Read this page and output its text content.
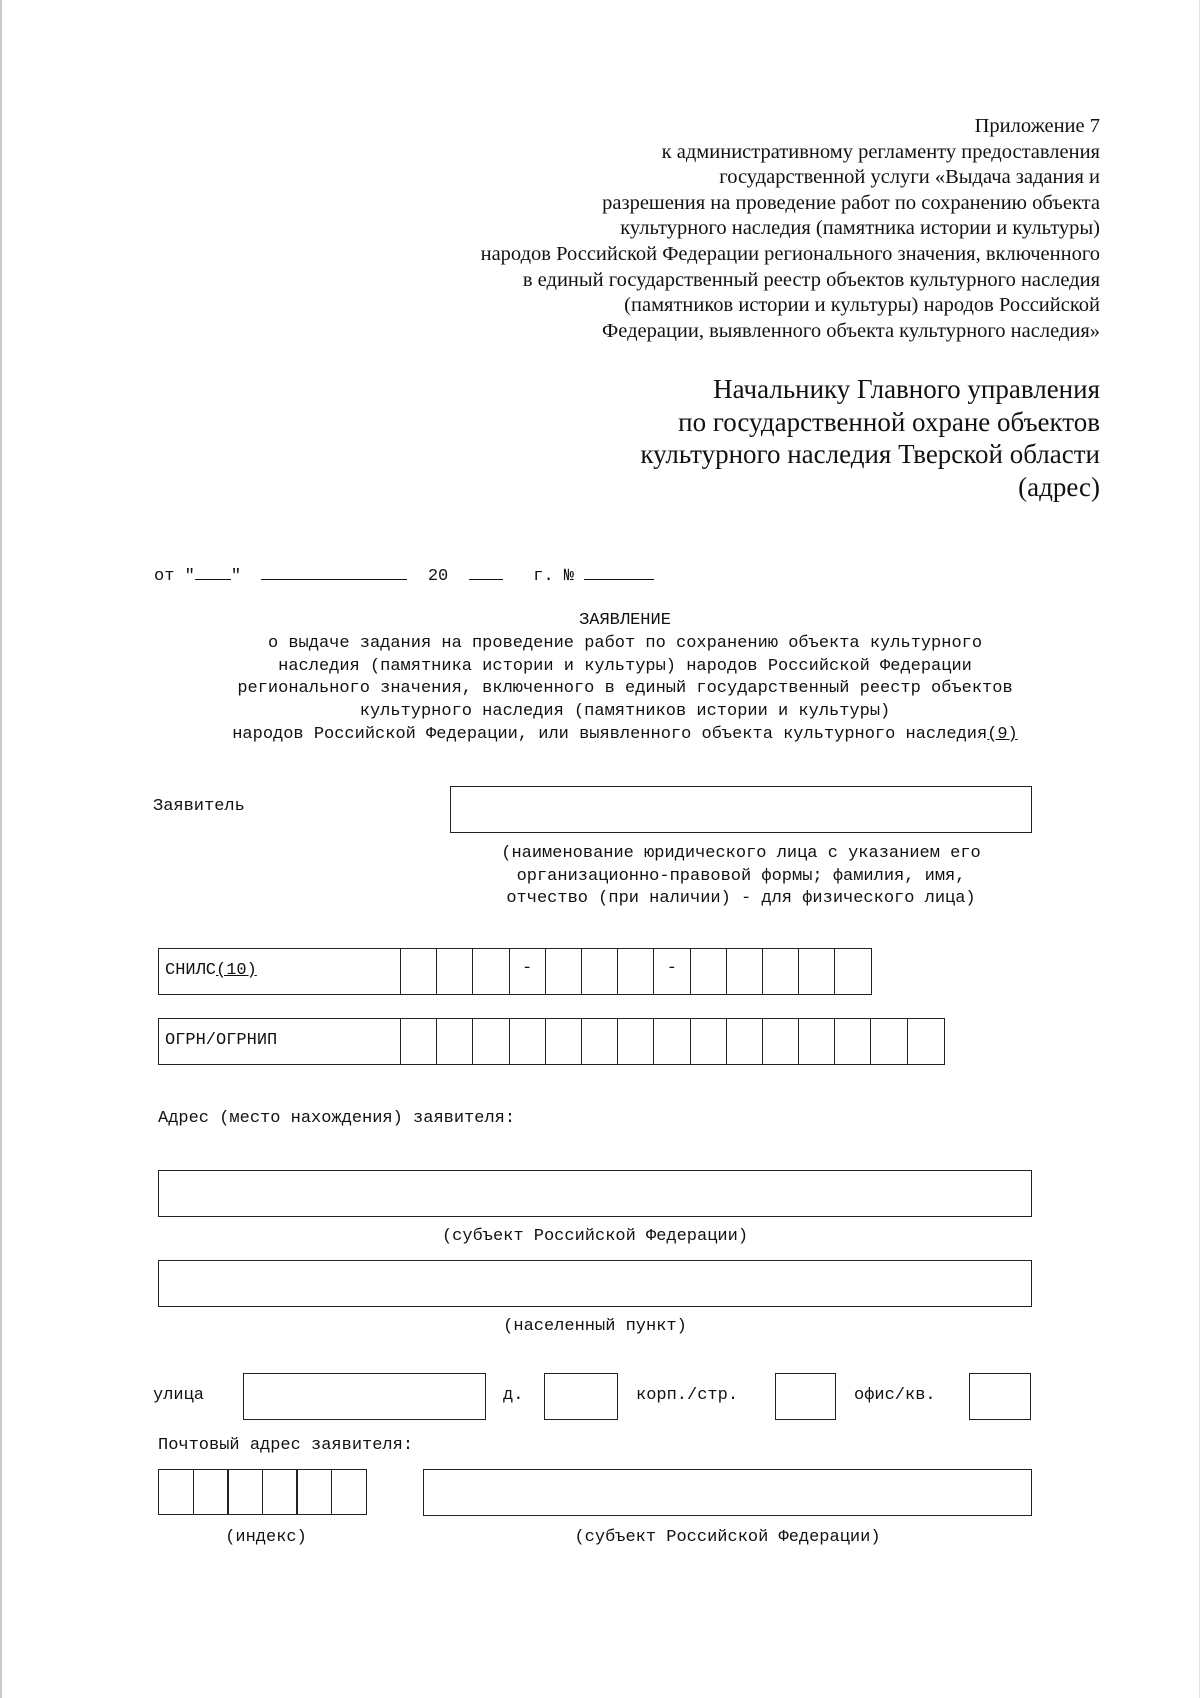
Приложение 7
к административному регламенту предоставления
государственной услуги «Выдача задания и
разрешения на проведение работ по сохранению объекта
культурного наследия (памятника истории и культуры)
народов Российской Федерации регионального значения, включенного
в единый государственный реестр объектов культурного наследия
(памятников истории и культуры) народов Российской
Федерации, выявленного объекта культурного наследия»
Начальнику Главного управления
по государственной охране объектов
культурного наследия Тверской области
(адрес)
от " "	20	г. №
ЗАЯВЛЕНИЕ
о выдаче задания на проведение работ по сохранению объекта культурного
наследия (памятника истории и культуры) народов Российской Федерации
регионального значения, включенного в единый государственный реестр объектов
культурного наследия (памятников истории и культуры)
народов Российской Федерации, или выявленного объекта культурного наследия(9)
Заявитель
(наименование юридического лица с указанием его
организационно-правовой формы; фамилия, имя,
отчество (при наличии) - для физического лица)
СНИЛС(10)	-	-
ОГРН/ОГРНИП
Адрес (место нахождения) заявителя:
(субъект Российской Федерации)
(населенный пункт)
улица	д.	корп./стр.	офис/кв.
Почтовый адрес заявителя:
(индекс)	(субъект Российской Федерации)
